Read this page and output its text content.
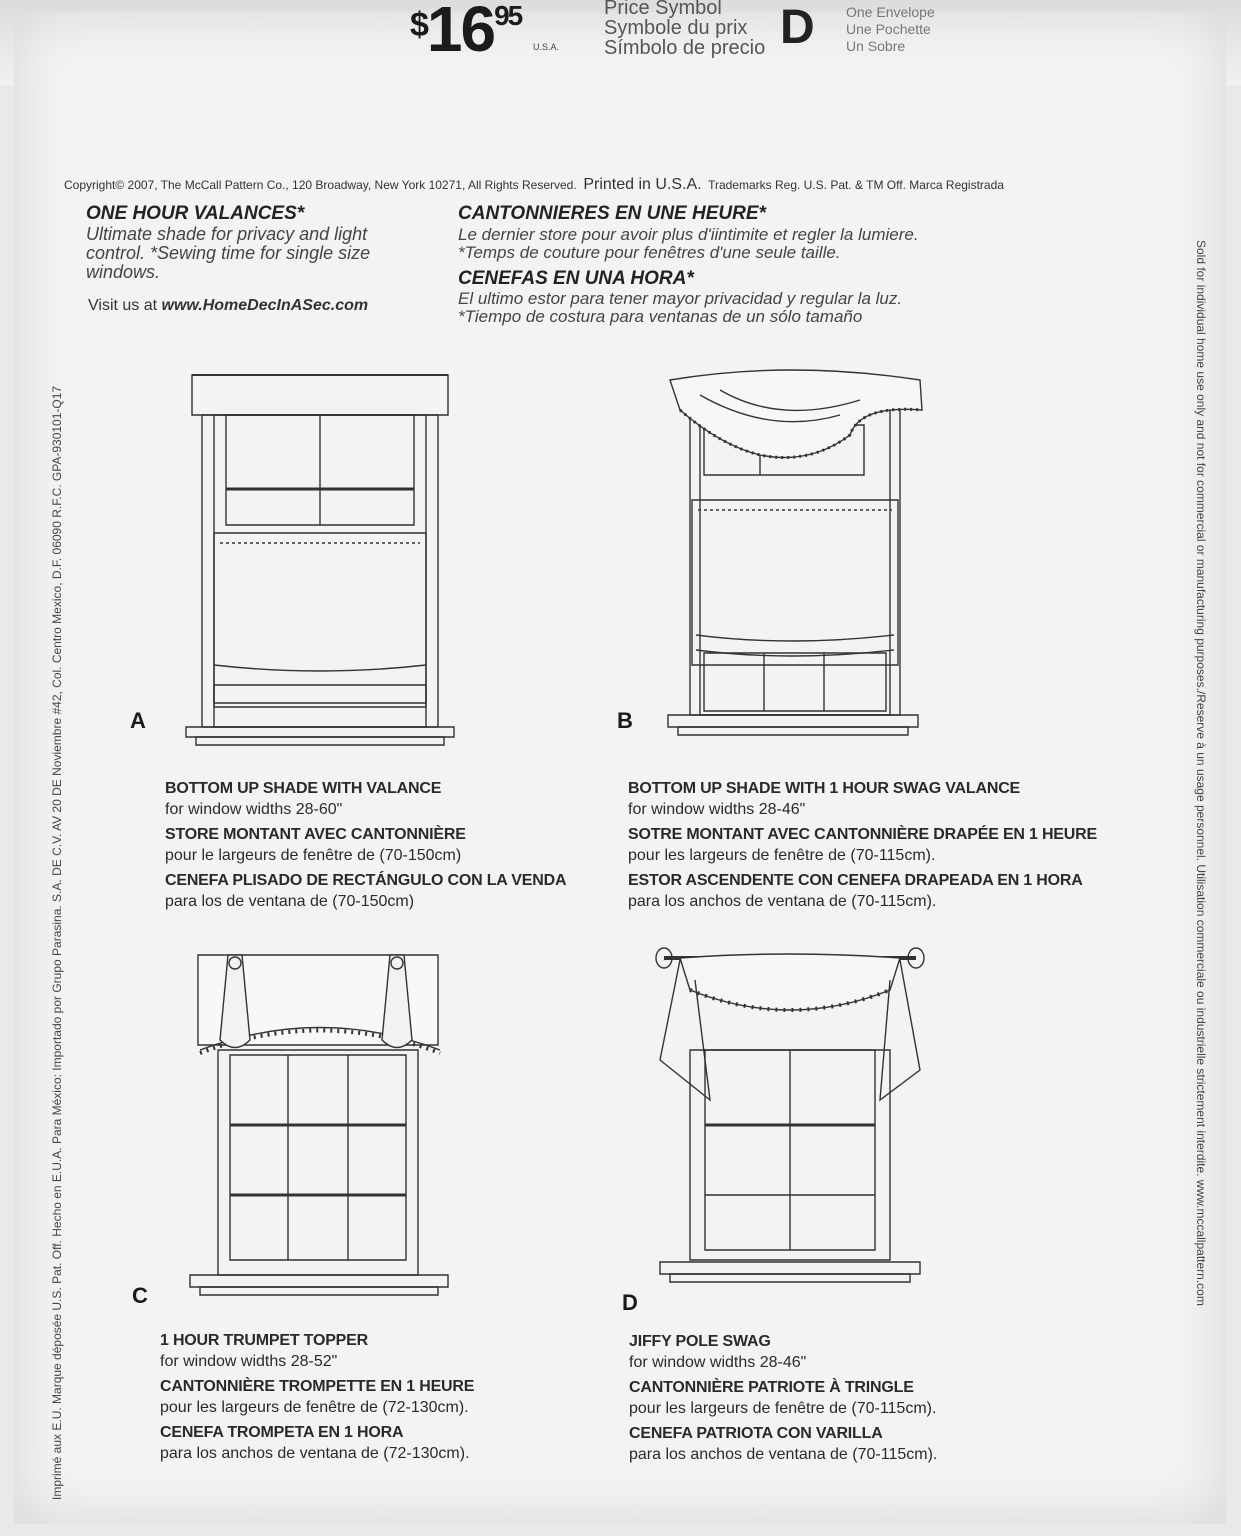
$^{\$}16^{95}$
U.S.A.
Price Symbol
Symbole du prix
Símbolo de precio D One Envelope
Une Pochette
Un Sobre
Copyright© 2007, The McCall Pattern Co., 120 Broadway, New York 10271, All Rights Reserved. Printed in U.S.A. Trademarks Reg. U.S. Pat. & TM Off. Marca Registrada
ONE HOUR VALANCES*
Ultimate shade for privacy and light control. *Sewing time for single size windows.
Visit us at www.HomeDecInASec.com
CANTONNIERES EN UNE HEURE*
Le dernier store pour avoir plus d'iintimite et regler la lumiere.
*Temps de couture pour fenêtres d'une seule taille.
CENEFAS EN UNA HORA*
El ultimo estor para tener mayor privacidad y regular la luz.
*Tiempo de costura para ventanas de un sólo tamaño
A	B
BOTTOM UP SHADE WITH VALANCE
for window widths 28-60"
STORE MONTANT AVEC CANTONNIÈRE
pour le largeurs de fenêtre de (70-150cm)
CENEFA PLISADO DE RECTÁNGULO CON LA VENDA
para los de ventana de (70-150cm)
BOTTOM UP SHADE WITH 1 HOUR SWAG VALANCE
for window widths 28-46"
SOTRE MONTANT AVEC CANTONNIÈRE DRAPÉE EN 1 HEURE
pour les largeurs de fenêtre de (70-115cm).
ESTOR ASCENDENTE CON CENEFA DRAPEADA EN 1 HORA
para los anchos de ventana de (70-115cm).
C	D
1 HOUR TRUMPET TOPPER
for window widths 28-52"
CANTONNIÈRE TROMPETTE EN 1 HEURE
pour les largeurs de fenêtre de (72-130cm).
CENEFA TROMPETA EN 1 HORA
para los anchos de ventana de (72-130cm).
JIFFY POLE SWAG
for window widths 28-46"
CANTONNIÈRE PATRIOTE À TRINGLE
pour les largeurs de fenêtre de (70-115cm).
CENEFA PATRIOTA CON VARILLA
para los anchos de ventana de (70-115cm).
Sold for individual home use only and not for commercial or manufacturing purposes./Reserve à un usage personnel. Utilisation commerciale ou industrielle strictement interdite. www.mccallpattern.com
Imprimé aux E.U. Marque déposée U.S. Pat. Off. Hecho en E.U.A. Para México: Importado por Grupo Parasina. S.A. DE C.V. AV 20 DE Noviembre #42, Col. Centro Mexico, D.F. 06090 R.F.C. GPA-930101-Q17
